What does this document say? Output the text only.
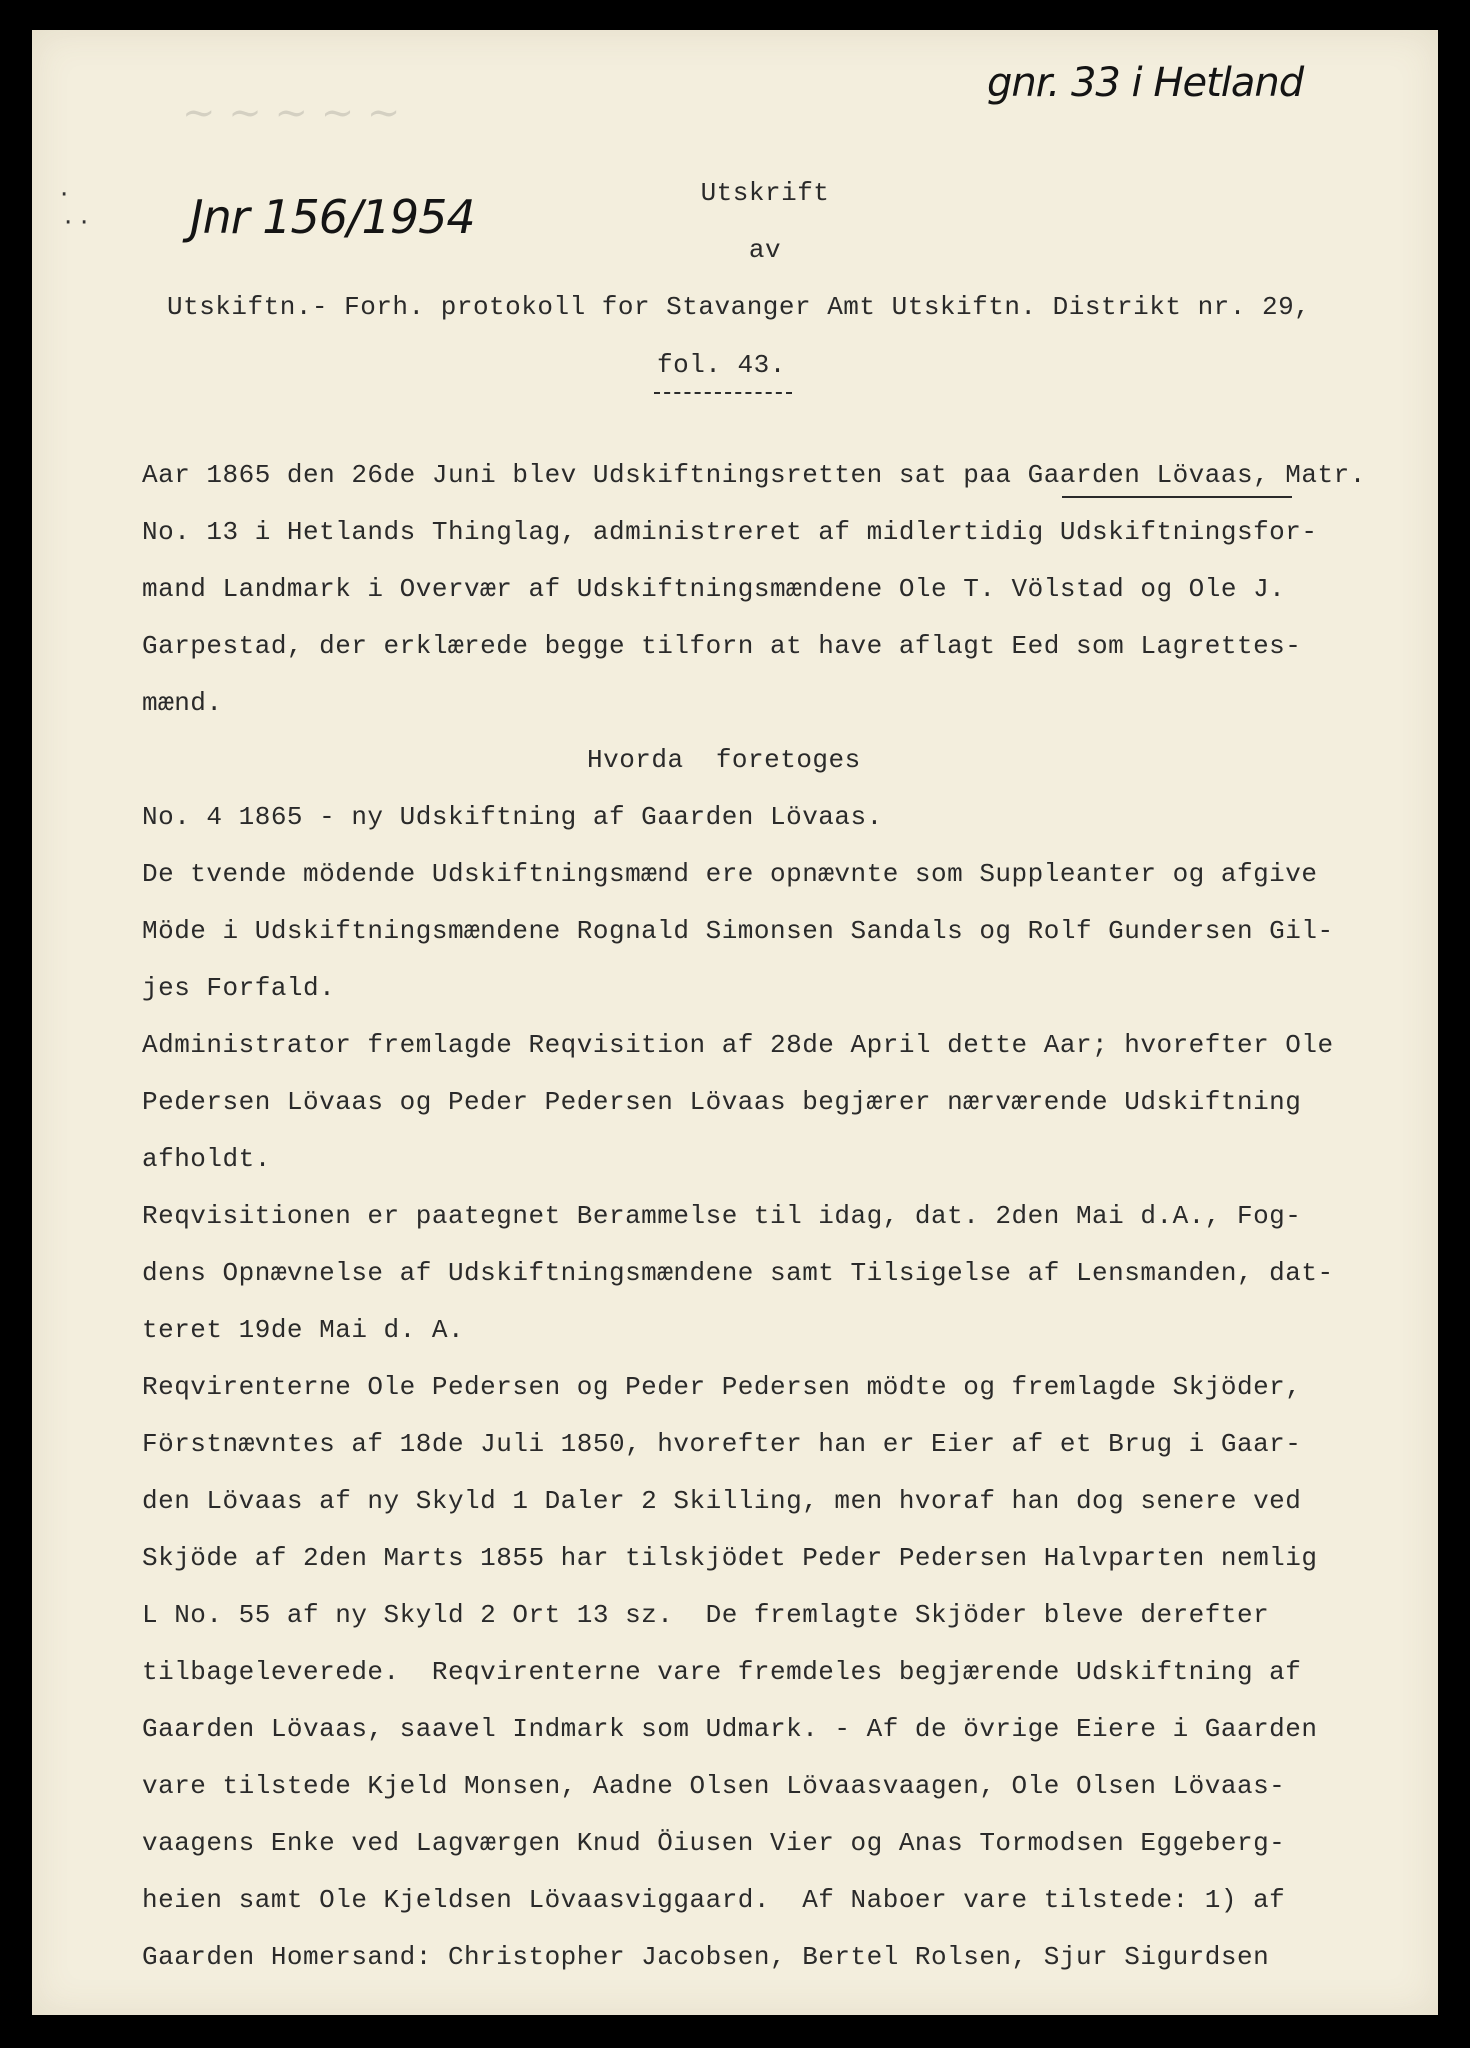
~ ~ ~ ~ ~
·
· ·
gnr. 33 i Hetland
Jnr 156/1954	Utskrift
av
Utskiftn.- Forh. protokoll for Stavanger Amt Utskiftn. Distrikt nr. 29,
fol. 43.
Aar 1865 den 26de Juni blev Udskiftningsretten sat paa Gaarden Lövaas, Matr.
No. 13 i Hetlands Thinglag, administreret af midlertidig Udskiftningsfor-
mand Landmark i Overvær af Udskiftningsmændene Ole T. Völstad og Ole J.
Garpestad, der erklærede begge tilforn at have aflagt Eed som Lagrettes-
mænd.
Hvorda  foretoges
No. 4 1865 - ny Udskiftning af Gaarden Lövaas.
De tvende mödende Udskiftningsmænd ere opnævnte som Suppleanter og afgive
Möde i Udskiftningsmændene Rognald Simonsen Sandals og Rolf Gundersen Gil-
jes Forfald.
Administrator fremlagde Reqvisition af 28de April dette Aar; hvorefter Ole
Pedersen Lövaas og Peder Pedersen Lövaas begjærer nærværende Udskiftning
afholdt.
Reqvisitionen er paategnet Berammelse til idag, dat. 2den Mai d.A., Fog-
dens Opnævnelse af Udskiftningsmændene samt Tilsigelse af Lensmanden, dat-
teret 19de Mai d. A.
Reqvirenterne Ole Pedersen og Peder Pedersen mödte og fremlagde Skjöder,
Förstnævntes af 18de Juli 1850, hvorefter han er Eier af et Brug i Gaar-
den Lövaas af ny Skyld 1 Daler 2 Skilling, men hvoraf han dog senere ved
Skjöde af 2den Marts 1855 har tilskjödet Peder Pedersen Halvparten nemlig
L No. 55 af ny Skyld 2 Ort 13 sz.  De fremlagte Skjöder bleve derefter
tilbageleverede.  Reqvirenterne vare fremdeles begjærende Udskiftning af
Gaarden Lövaas, saavel Indmark som Udmark. - Af de övrige Eiere i Gaarden
vare tilstede Kjeld Monsen, Aadne Olsen Lövaasvaagen, Ole Olsen Lövaas-
vaagens Enke ved Lagværgen Knud Öiusen Vier og Anas Tormodsen Eggeberg-
heien samt Ole Kjeldsen Lövaasviggaard.  Af Naboer vare tilstede: 1) af
Gaarden Homersand: Christopher Jacobsen, Bertel Rolsen, Sjur Sigurdsen
